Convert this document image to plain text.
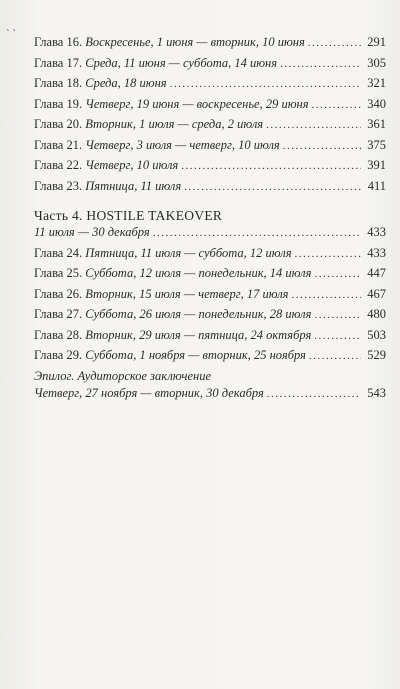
` `
Глава 16. Воскресенье, 1 июня — вторник, 10 июня .....	291
Глава 17. Среда, 11 июня — суббота, 14 июня .....	305
Глава 18. Среда, 18 июня .....	321
Глава 19. Четверг, 19 июня — воскресенье, 29 июня .....	340
Глава 20. Вторник, 1 июля — среда, 2 июля .....	361
Глава 21. Четверг, 3 июля — четверг, 10 июля .....	375
Глава 22. Четверг, 10 июля .....	391
Глава 23. Пятница, 11 июля .....	411
Часть 4. HOSTILE TAKEOVER
11 июля — 30 декабря .....	433
Глава 24. Пятница, 11 июля — суббота, 12 июля .....	433
Глава 25. Суббота, 12 июля — понедельник, 14 июля .....	447
Глава 26. Вторник, 15 июля — четверг, 17 июля .....	467
Глава 27. Суббота, 26 июля — понедельник, 28 июля .....	480
Глава 28. Вторник, 29 июля — пятница, 24 октября .....	503
Глава 29. Суббота, 1 ноября — вторник, 25 ноября .....	529
Эпилог. Аудиторское заключение
Четверг, 27 ноября — вторник, 30 декабря .....	543
